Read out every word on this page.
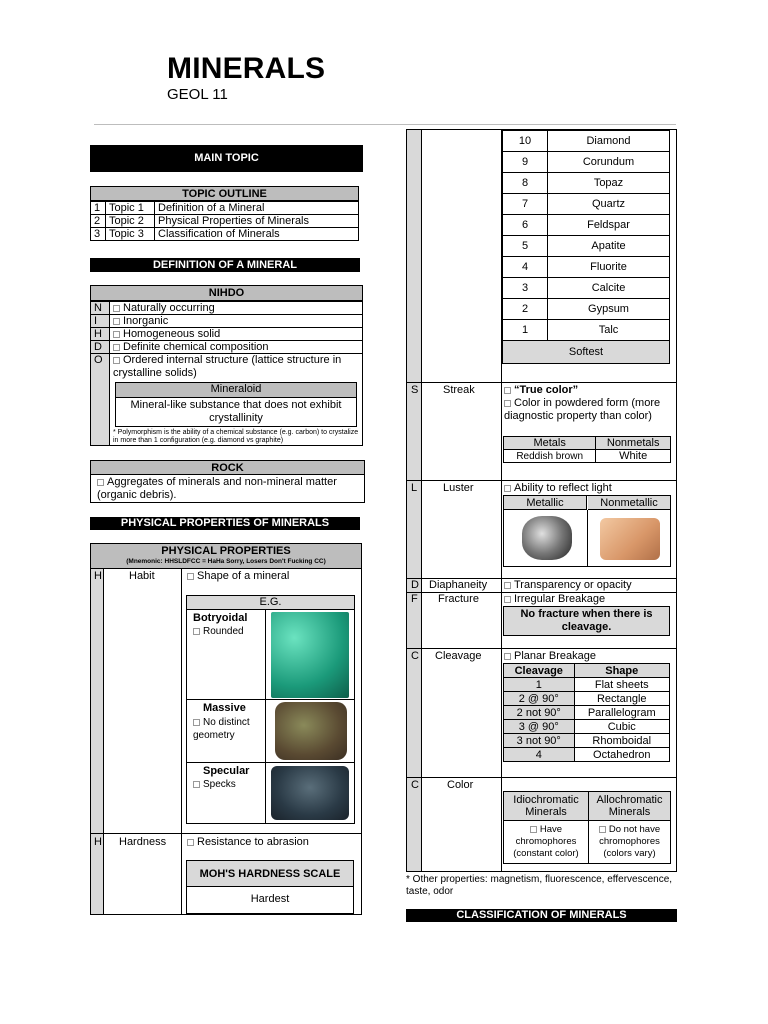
MINERALS
GEOL 11
MAIN TOPIC
TOPIC OUTLINE
1	Topic 1	Definition of a Mineral
2	Topic 2	Physical Properties of Minerals
3	Topic 3	Classification of Minerals
DEFINITION OF A MINERAL
NIHDO
N	Naturally occurring
I	Inorganic
H	Homogeneous solid
D	Definite chemical composition
O	Ordered internal structure (lattice structure in crystalline solids)
Mineraloid
Mineral-like substance that does not exhibit crystallinity
* Polymorphism is the ability of a chemical substance (e.g. carbon) to crystalize in more than 1 configuration (e.g. diamond vs graphite)
ROCK
Aggregates of minerals and non-mineral matter (organic debris).
PHYSICAL PROPERTIES OF MINERALS
PHYSICAL PROPERTIES
(Mnemonic: HHSLDFCC = HaHa Sorry, Losers Don't Fucking CC)
H Habit	Shape of a mineral
E.G.
Botryoidal
Rounded
Massive
No distinct geometry
Specular
Specks
H Hardness	Resistance to abrasion
MOH'S HARDNESS SCALE
Hardest
10	Diamond
9	Corundum
8	Topaz
7	Quartz
6	Feldspar
5	Apatite
4	Fluorite
3	Calcite
2	Gypsum
1	Talc
Softest	
S Streak	“True color”
Color in powdered form (more diagnostic property than color)
Metals	Nonmetals
Reddish brown	White
L Luster	Ability to reflect light
Metallic	Nonmetallic
D Diaphaneity	Transparency or opacity
F Fracture	Irregular Breakage
No fracture when there is cleavage.
C Cleavage	Planar Breakage
Cleavage	Shape
1	Flat sheets
2 @ 90°	Rectangle
2 not 90°	Parallelogram
3 @ 90°	Cubic
3 not 90°	Rhomboidal
4	Octahedron
C	Color
Idiochromatic Minerals	Allochromatic Minerals
Have chromophores (constant color)	Do not have chromophores (colors vary)
* Other properties: magnetism, fluorescence, effervescence, taste, odor
CLASSIFICATION OF MINERALS
